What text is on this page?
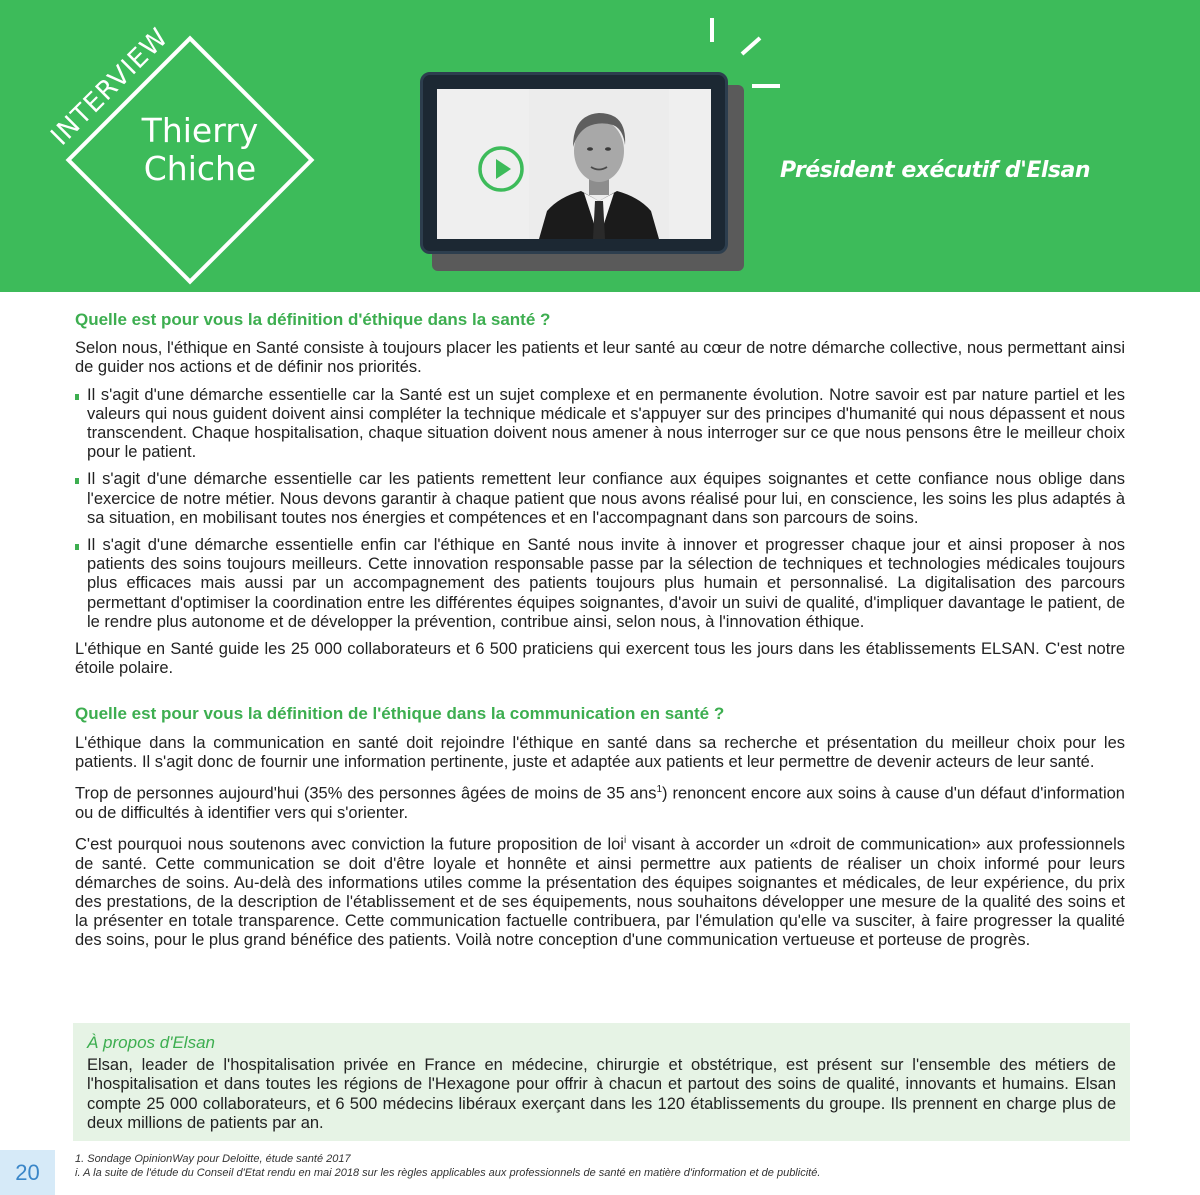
INTERVIEW
Thierry
Chiche	Président exécutif d'Elsan

Quelle est pour vous la définition d'éthique dans la santé ?

Selon nous, l'éthique en Santé consiste à toujours placer les patients et leur santé au cœur de notre démarche collective, nous permettant ainsi de guider nos actions et de définir nos priorités.

Il s'agit d'une démarche essentielle car la Santé est un sujet complexe et en permanente évolution. Notre savoir est par nature partiel et les valeurs qui nous guident doivent ainsi compléter la technique médicale et s'appuyer sur des principes d'humanité qui nous dépassent et nous transcendent. Chaque hospitalisation, chaque situation doivent nous amener à nous interroger sur ce que nous pensons être le meilleur choix pour le patient.
Il s'agit d'une démarche essentielle car les patients remettent leur confiance aux équipes soignantes et cette confiance nous oblige dans l'exercice de notre métier. Nous devons garantir à chaque patient que nous avons réalisé pour lui, en conscience, les soins les plus adaptés à sa situation, en mobilisant toutes nos énergies et compétences et en l'accompagnant dans son parcours de soins.
Il s'agit d'une démarche essentielle enfin car l'éthique en Santé nous invite à innover et progresser chaque jour et ainsi proposer à nos patients des soins toujours meilleurs. Cette innovation responsable passe par la sélection de techniques et technologies médicales toujours plus efficaces mais aussi par un accompagnement des patients toujours plus humain et personnalisé. La digitalisation des parcours permettant d'optimiser la coordination entre les différentes équipes soignantes, d'avoir un suivi de qualité, d'impliquer davantage le patient, de le rendre plus autonome et de développer la prévention, contribue ainsi, selon nous, à l'innovation éthique.

L'éthique en Santé guide les 25 000 collaborateurs et 6 500 praticiens qui exercent tous les jours dans les établissements ELSAN. C'est notre étoile polaire.

Quelle est pour vous la définition de l'éthique dans la communication en santé ?

L'éthique dans la communication en santé doit rejoindre l'éthique en santé dans sa recherche et présentation du meilleur choix pour les patients. Il s'agit donc de fournir une information pertinente, juste et adaptée aux patients et leur permettre de devenir acteurs de leur santé.

Trop de personnes aujourd'hui (35% des personnes âgées de moins de 35 ans$^1$) renoncent encore aux soins à cause d'un défaut d'information ou de difficultés à identifier vers qui s'orienter.

C'est pourquoi nous soutenons avec conviction la future proposition de loi$^i$ visant à accorder un «droit de communication» aux professionnels de santé. Cette communication se doit d'être loyale et honnête et ainsi permettre aux patients de réaliser un choix informé pour leurs démarches de soins. Au-delà des informations utiles comme la présentation des équipes soignantes et médicales, de leur expérience, du prix des prestations, de la description de l'établissement et de ses équipements, nous souhaitons développer une mesure de la qualité des soins et la présenter en totale transparence. Cette communication factuelle contribuera, par l'émulation qu'elle va susciter, à faire progresser la qualité des soins, pour le plus grand bénéfice des patients. Voilà notre conception d'une communication vertueuse et porteuse de progrès.

À propos d'Elsan

Elsan, leader de l'hospitalisation privée en France en médecine, chirurgie et obstétrique, est présent sur l'ensemble des métiers de l'hospitalisation et dans toutes les régions de l'Hexagone pour offrir à chacun et partout des soins de qualité, innovants et humains. Elsan compte 25 000 collaborateurs, et 6 500 médecins libéraux exerçant dans les 120 établissements du groupe. Ils prennent en charge plus de deux millions de patients par an.

20
1. Sondage OpinionWay pour Deloitte, étude santé 2017
i. A la suite de l'étude du Conseil d'Etat rendu en mai 2018 sur les règles applicables aux professionnels de santé en matière d'information et de publicité.
